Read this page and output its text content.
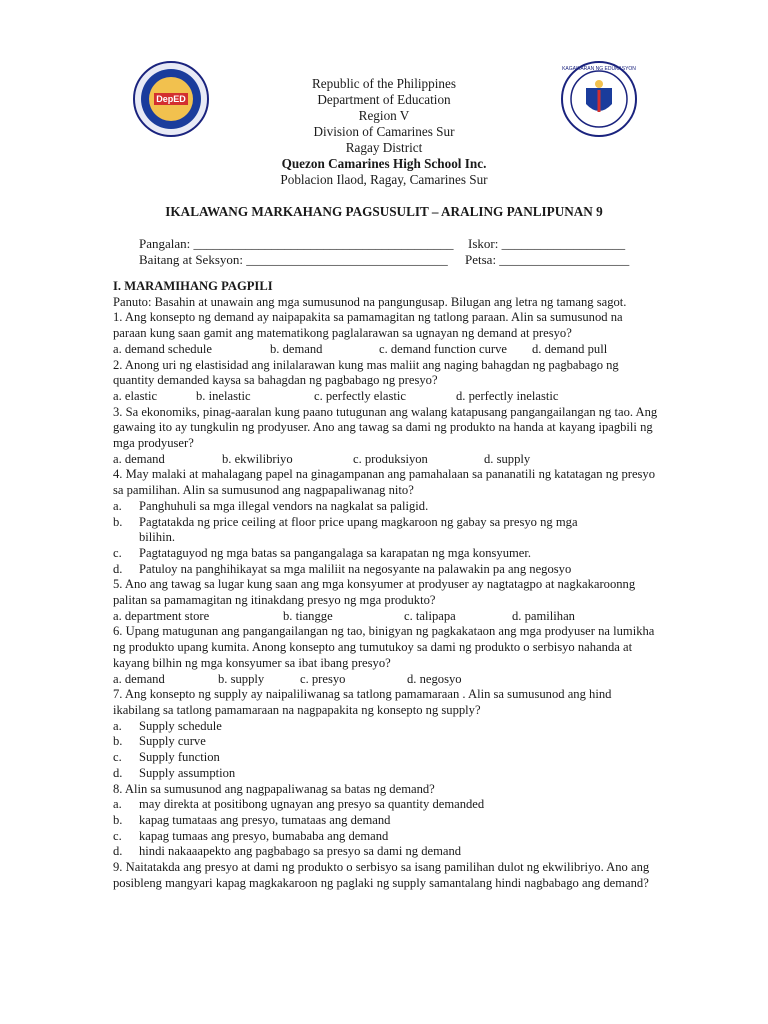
DepED
KAGAWARAN NG EDUKASYON
Republic of the Philippines
Department of Education
Region V
Division of Camarines Sur
Ragay District
Quezon Camarines High School Inc.
Poblacion Ilaod, Ragay, Camarines Sur
IKALAWANG MARKAHANG PAGSUSULIT – ARALING PANLIPUNAN 9
Pangalan: ________________________________________ Iskor: ___________________
Baitang at Seksyon: _______________________________ Petsa: ____________________

I. MARAMIHANG PAGPILI

Panuto: Basahin at unawain ang mga sumusunod na pangungusap. Bilugan ang letra ng tamang sagot.

1. Ang konsepto ng demand ay naipapakita sa pamamagitan ng tatlong paraan. Alin sa sumusunod na paraan kung saan gamit ang matematikong paglalarawan sa ugnayan ng demand at presyo?

a. demand schedule	b. demand	c. demand function curve	d. demand pull

2. Anong uri ng elastisidad ang inilalarawan kung mas maliit ang naging bahagdan ng pagbabago ng quantity demanded kaysa sa bahagdan ng pagbabago ng presyo?

a. elastic	b. inelastic	c. perfectly elastic	d. perfectly inelastic

3. Sa ekonomiks, pinag-aaralan kung paano tutugunan ang walang katapusang pangangailangan ng tao. Ang gawaing ito ay tungkulin ng prodyuser. Ano ang tawag sa dami ng produkto na handa at kayang ipagbili ng mga prodyuser?

a. demand	b. ekwilibriyo	c. produksiyon	d. supply

4. May malaki at mahalagang papel na ginagampanan ang pamahalaan sa pananatili ng katatagan ng presyo sa pamilihan. Alin sa sumusunod ang nagpapaliwanag nito?

a.	Panghuhuli sa mga illegal vendors na nagkalat sa paligid.
b.	Pagtatakda ng price ceiling at floor price upang magkaroon ng gabay sa presyo ng mga bilihin.
c.	Pagtataguyod ng mga batas sa pangangalaga sa karapatan ng mga konsyumer.
d.	Patuloy na panghihikayat sa mga maliliit na negosyante na palawakin pa ang negosyo

5. Ano ang tawag sa lugar kung saan ang mga konsyumer at prodyuser ay nagtatagpo at nagkakaroonng palitan sa pamamagitan ng itinakdang presyo ng mga produkto?

a. department store	b. tiangge	c. talipapa	d. pamilihan

6. Upang matugunan ang pangangailangan ng tao, binigyan ng pagkakataon ang mga prodyuser na lumikha ng produkto upang kumita. Anong konsepto ang tumutukoy sa dami ng produkto o serbisyo nahanda at kayang bilhin ng mga konsyumer sa ibat ibang presyo?

a. demand	b. supply	c. presyo	d. negosyo

7. Ang konsepto ng supply ay naipaliliwanag sa tatlong pamamaraan . Alin sa sumusunod ang hind ikabilang sa tatlong pamamaraan na nagpapakita ng konsepto ng supply?

a.	Supply schedule
b.	Supply curve
c.	Supply function
d.	Supply assumption

8. Alin sa sumusunod ang nagpapaliwanag sa batas ng demand?

a.	may direkta at positibong ugnayan ang presyo sa quantity demanded
b.	kapag tumataas ang presyo, tumataas ang demand
c.	kapag tumaas ang presyo, bumababa ang demand
d.	hindi nakaaapekto ang pagbabago sa presyo sa dami ng demand

9. Naitatakda ang presyo at dami ng produkto o serbisyo sa isang pamilihan dulot ng ekwilibriyo. Ano ang posibleng mangyari kapag magkakaroon ng paglaki ng supply samantalang hindi nagbabago ang demand?
